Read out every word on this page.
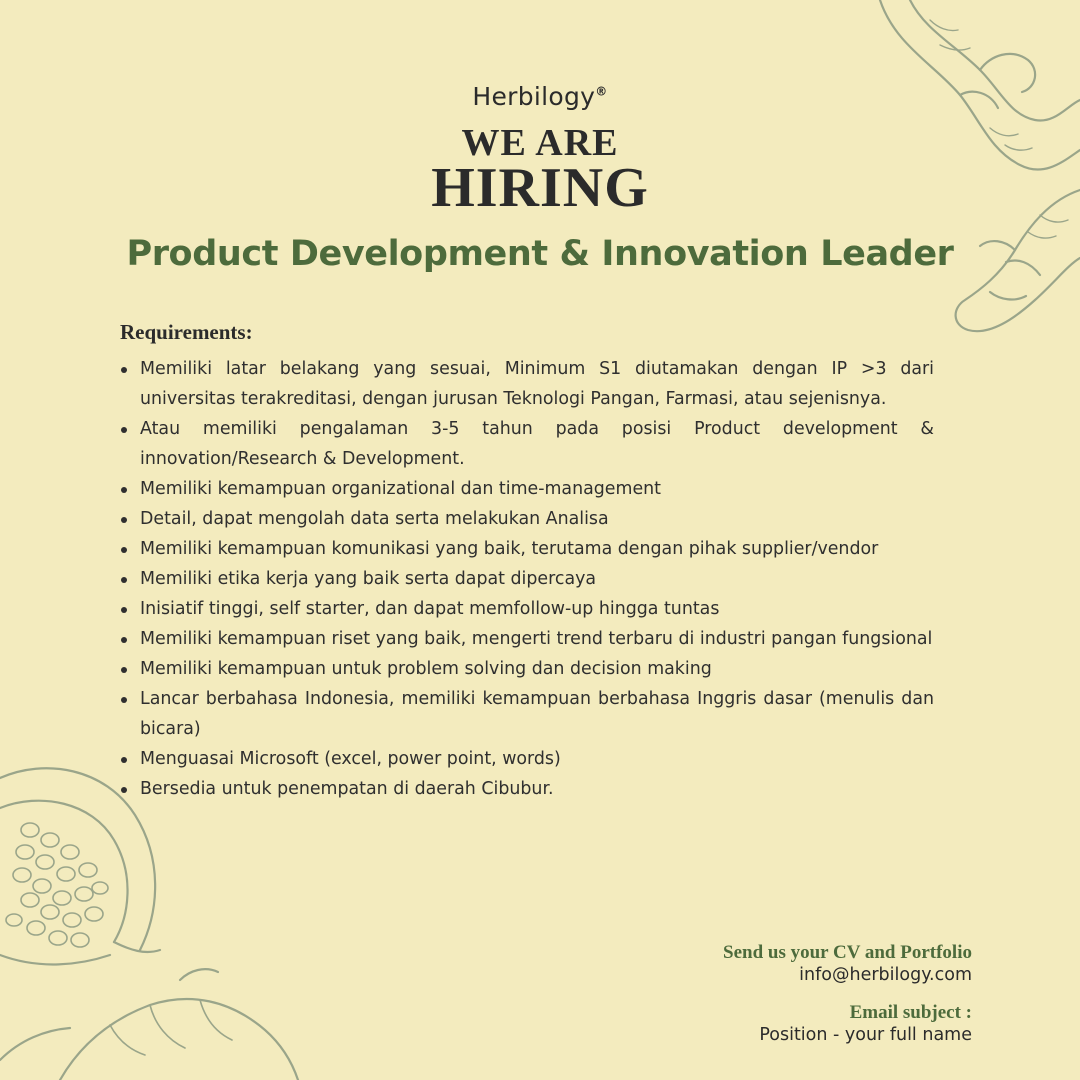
Herbilogy®
WE ARE
HIRING
Product Development & Innovation Leader
Requirements:
Memiliki latar belakang yang sesuai, Minimum S1 diutamakan dengan IP >3 dari universitas terakreditasi, dengan jurusan Teknologi Pangan, Farmasi, atau sejenisnya.
Atau memiliki pengalaman 3-5 tahun pada posisi Product development & innovation/Research & Development.
Memiliki kemampuan organizational dan time-management
Detail, dapat mengolah data serta melakukan Analisa
Memiliki kemampuan komunikasi yang baik, terutama dengan pihak supplier/vendor
Memiliki etika kerja yang baik serta dapat dipercaya
Inisiatif tinggi, self starter, dan dapat memfollow-up hingga tuntas
Memiliki kemampuan riset yang baik, mengerti trend terbaru di industri pangan fungsional
Memiliki kemampuan untuk problem solving dan decision making
Lancar berbahasa Indonesia, memiliki kemampuan berbahasa Inggris dasar (menulis dan bicara)
Menguasai Microsoft (excel, power point, words)
Bersedia untuk penempatan di daerah Cibubur.
Send us your CV and Portfolio
info@herbilogy.com
Email subject :
Position - your full name
